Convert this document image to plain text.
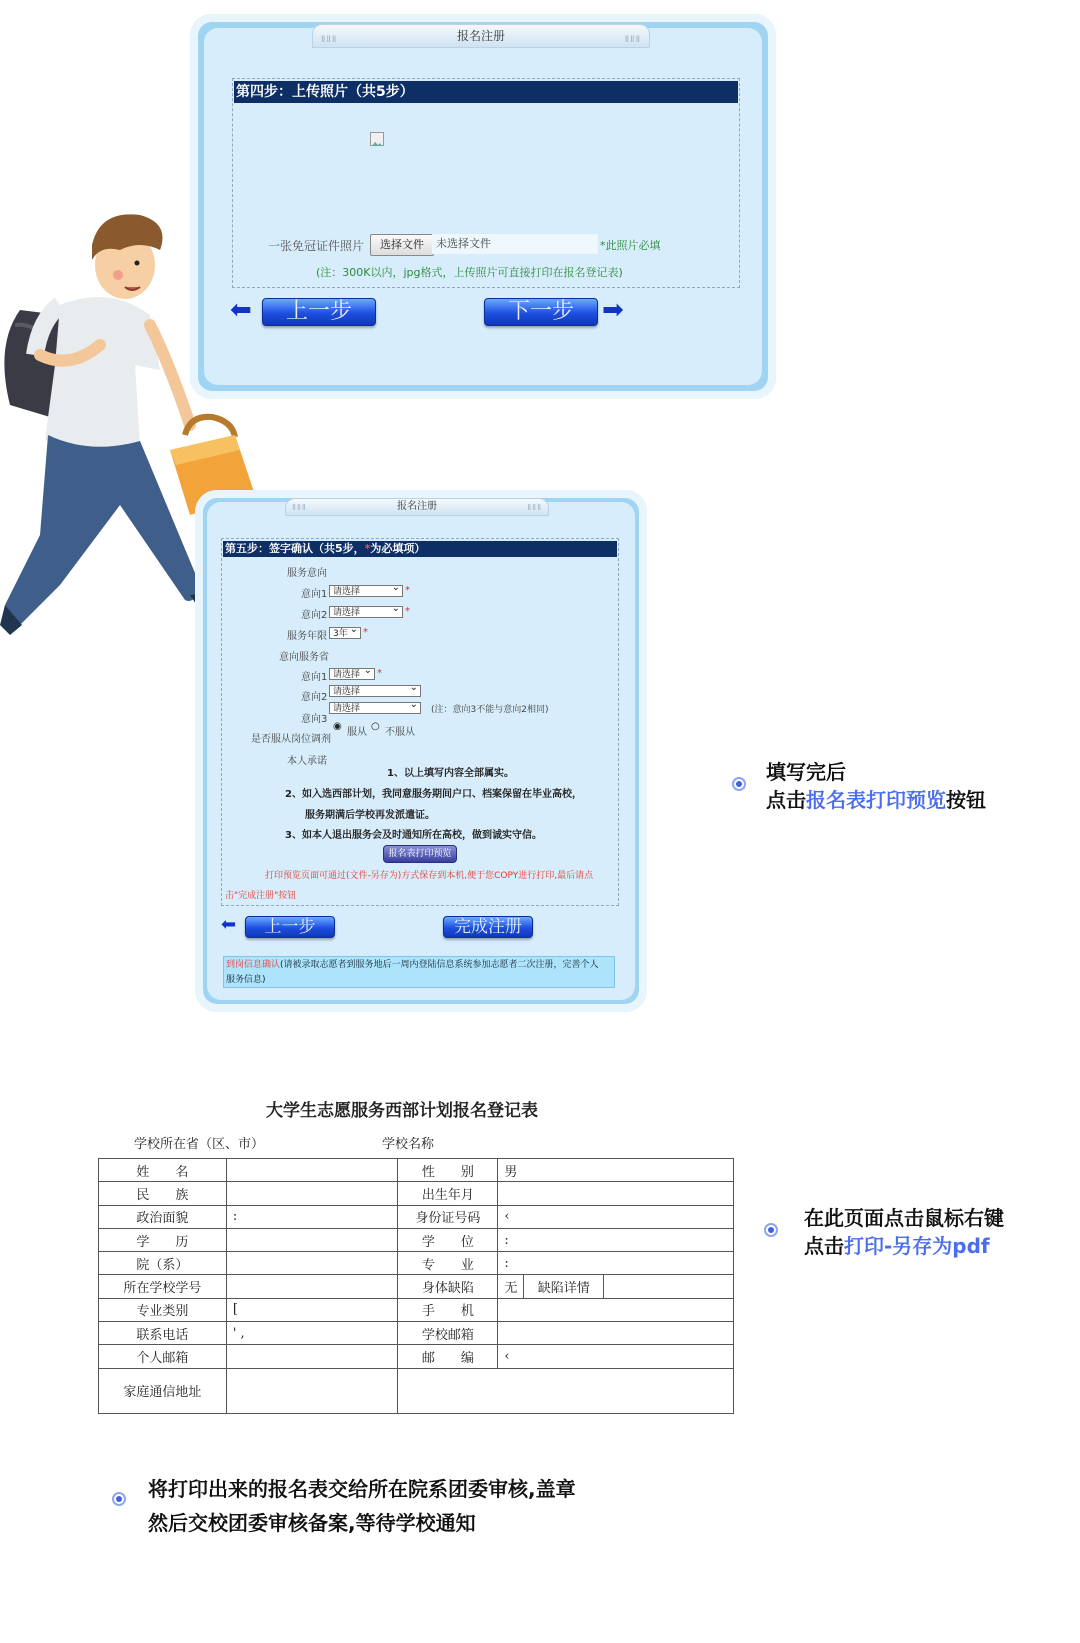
ⅡⅡⅡ	报名注册	ⅡⅡⅡ
第四步：上传照片（共5步）
一张免冠证件照片	选择文件	未选择文件	*此照片必填
(注：300K以内，jpg格式，上传照片可直接打印在报名登记表)
⬅	上一步	下一步	➡
ⅡⅡⅡ	报名注册	ⅡⅡⅡ
第五步：签字确认（共5步，*为必填项）
服务意向
意向1 请选择 ⌄	*
意向2 请选择 ⌄	*
服务年限 3年 ⌄	*
意向服务省
意向1 请选择 ⌄	*
意向2 请选择 ⌄
意向3
请选择 ⌄	(注：意向3不能与意向2相同)
是否服从岗位调剂
◉
服从
○
不服从
本人承诺
1、以上填写内容全部属实。
2、如入选西部计划，我同意服务期间户口、档案保留在毕业高校，
服务期满后学校再发派遣证。
3、如本人退出服务会及时通知所在高校，做到诚实守信。
报名表打印预览
打印预览页面可通过(文件-另存为)方式保存到本机,便于您COPY进行打印,最后请点
击"完成注册"按钮
⬅	上一步	完成注册
到岗信息确认(请被录取志愿者到服务地后一周内登陆信息系统参加志愿者二次注册，完善个人
服务信息)
填写完后
点击报名表打印预览按钮
大学生志愿服务西部计划报名登记表
学校所在省（区、市）	学校名称
姓　　名		性　　别	男		
民　　族		出生年月			
政治面貌	:	身份证号码	‹		
学　　历		学　　位	:		
院（系）		专　　业	:		
所在学校学号		身体缺陷	无	缺陷详情	
专业类别	[	手　　机			
联系电话	' ,	学校邮箱			
个人邮箱		邮　　编	‹		
家庭通信地址					
在此页面点击鼠标右键
点击打印-另存为pdf
将打印出来的报名表交给所在院系团委审核,盖章
然后交校团委审核备案,等待学校通知
